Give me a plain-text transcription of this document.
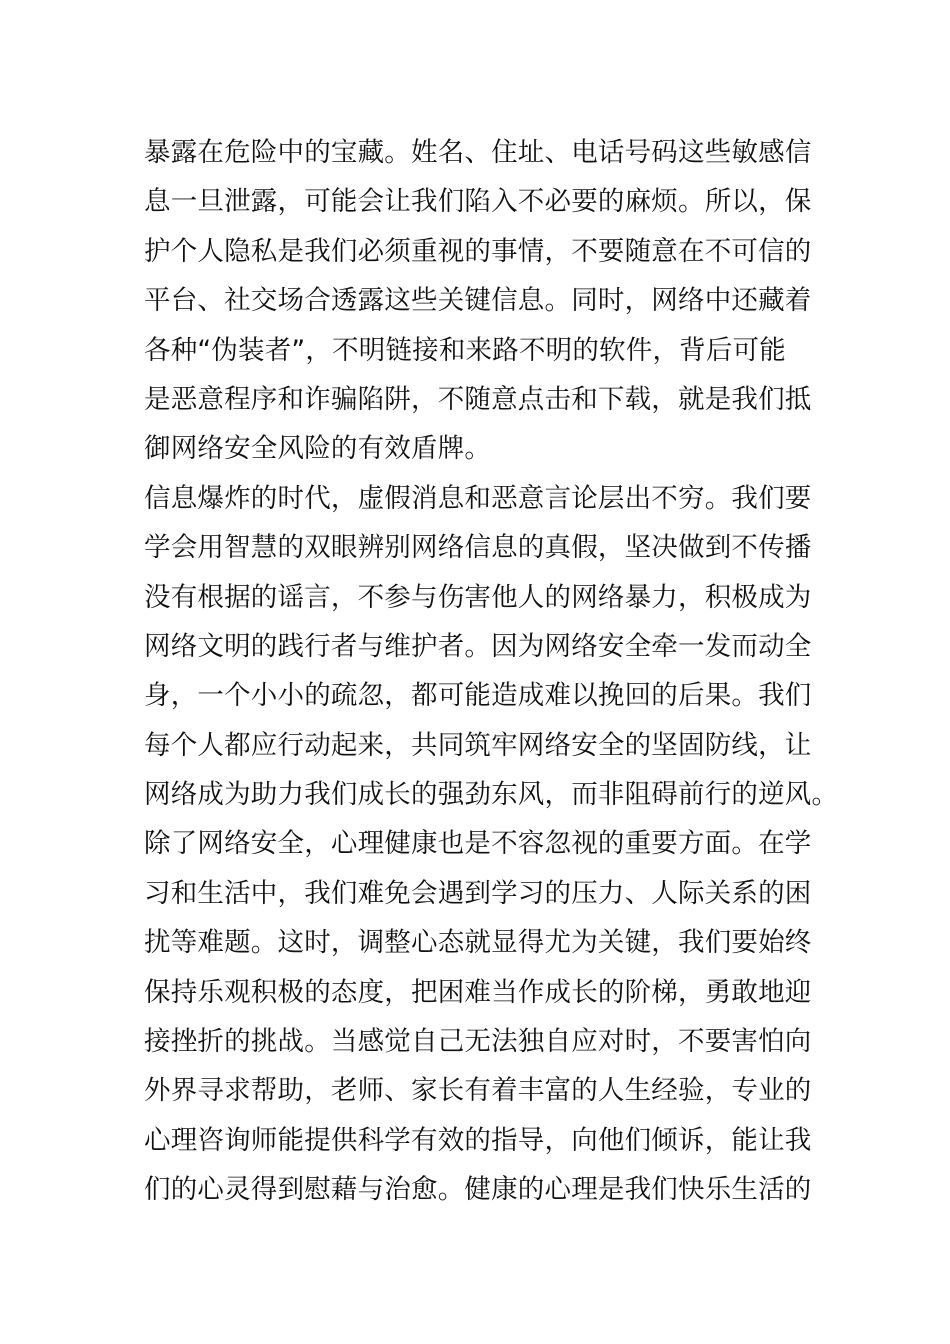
暴露在危险中的宝藏。姓名、住址、电话号码这些敏感信
息一旦泄露，可能会让我们陷入不必要的麻烦。所以，保
护个人隐私是我们必须重视的事情，不要随意在不可信的
平台、社交场合透露这些关键信息。同时，网络中还藏着
各种“伪装者”，不明链接和来路不明的软件，背后可能
是恶意程序和诈骗陷阱，不随意点击和下载，就是我们抵
御网络安全风险的有效盾牌。
信息爆炸的时代，虚假消息和恶意言论层出不穷。我们要
学会用智慧的双眼辨别网络信息的真假，坚决做到不传播
没有根据的谣言，不参与伤害他人的网络暴力，积极成为
网络文明的践行者与维护者。因为网络安全牵一发而动全
身，一个小小的疏忽，都可能造成难以挽回的后果。我们
每个人都应行动起来，共同筑牢网络安全的坚固防线，让
网络成为助力我们成长的强劲东风，而非阻碍前行的逆风。
除了网络安全，心理健康也是不容忽视的重要方面。在学
习和生活中，我们难免会遇到学习的压力、人际关系的困
扰等难题。这时，调整心态就显得尤为关键，我们要始终
保持乐观积极的态度，把困难当作成长的阶梯，勇敢地迎
接挫折的挑战。当感觉自己无法独自应对时，不要害怕向
外界寻求帮助，老师、家长有着丰富的人生经验，专业的
心理咨询师能提供科学有效的指导，向他们倾诉，能让我
们的心灵得到慰藉与治愈。健康的心理是我们快乐生活的
